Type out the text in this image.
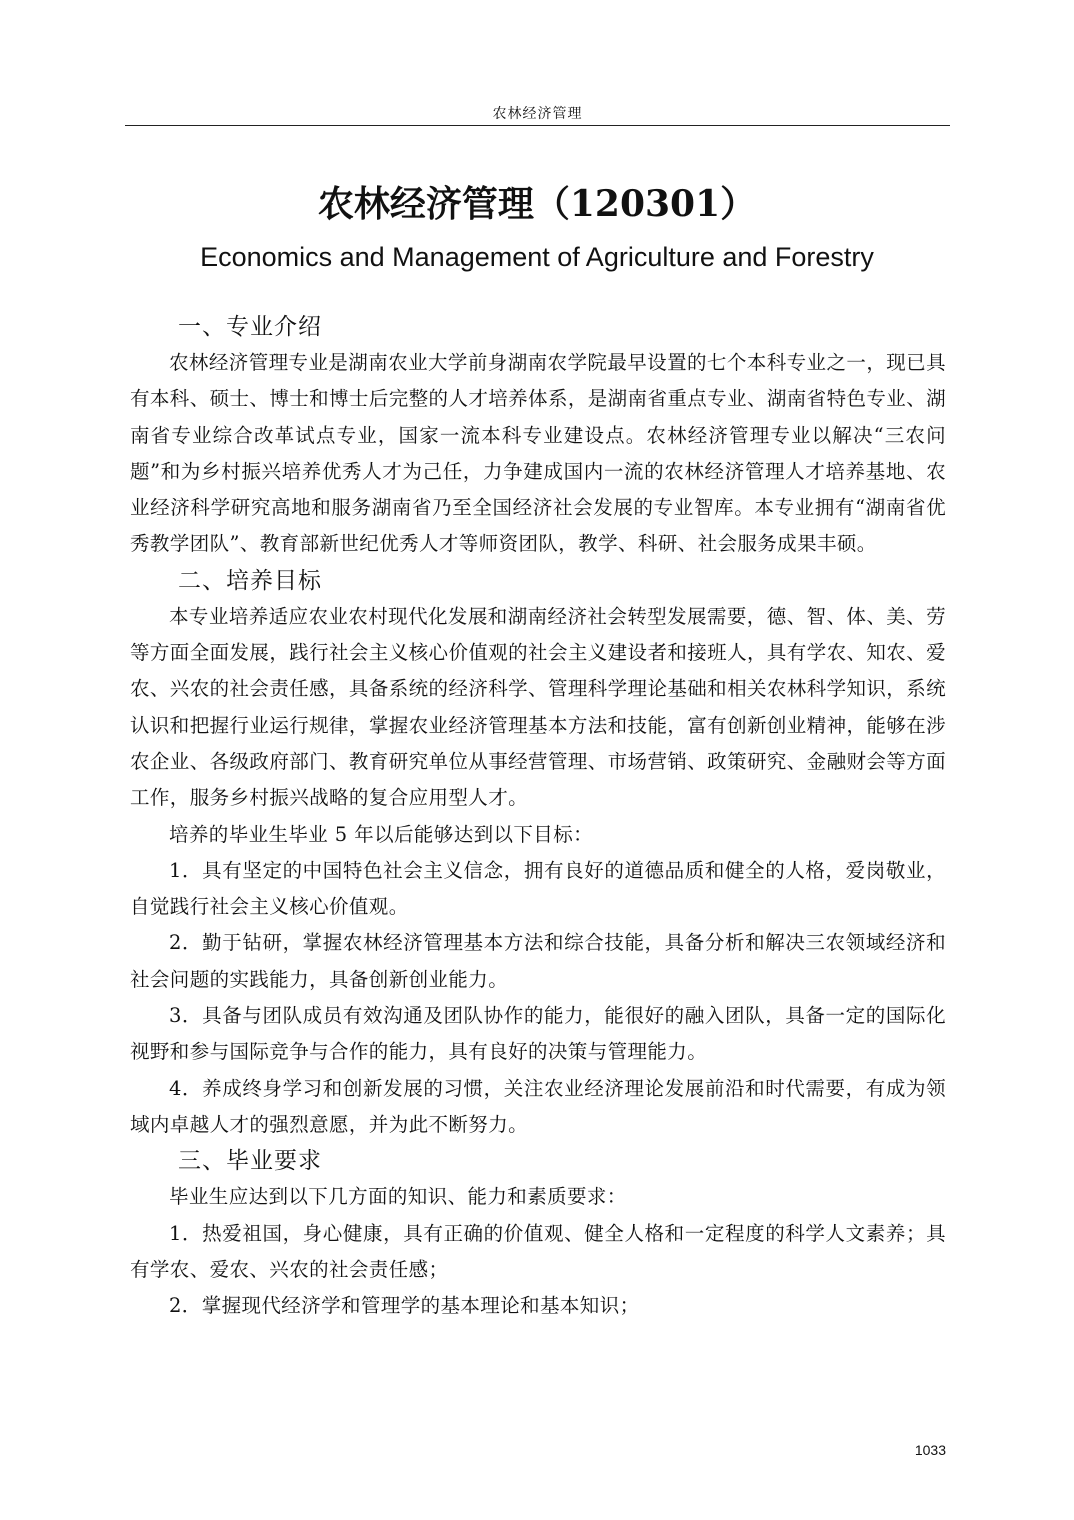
农林经济管理
农林经济管理（120301）
Economics and Management of Agriculture and Forestry
一、专业介绍

农林经济管理专业是湖南农业大学前身湖南农学院最早设置的七个本科专业之一，现已具有本科、硕士、博士和博士后完整的人才培养体系，是湖南省重点专业、湖南省特色专业、湖南省专业综合改革试点专业，国家一流本科专业建设点。农林经济管理专业以解决“三农问题”和为乡村振兴培养优秀人才为己任，力争建成国内一流的农林经济管理人才培养基地、农业经济科学研究高地和服务湖南省乃至全国经济社会发展的专业智库。本专业拥有“湖南省优秀教学团队”、教育部新世纪优秀人才等师资团队，教学、科研、社会服务成果丰硕。

二、培养目标

本专业培养适应农业农村现代化发展和湖南经济社会转型发展需要，德、智、体、美、劳等方面全面发展，践行社会主义核心价值观的社会主义建设者和接班人，具有学农、知农、爱农、兴农的社会责任感，具备系统的经济科学、管理科学理论基础和相关农林科学知识，系统认识和把握行业运行规律，掌握农业经济管理基本方法和技能，富有创新创业精神，能够在涉农企业、各级政府部门、教育研究单位从事经营管理、市场营销、政策研究、金融财会等方面工作，服务乡村振兴战略的复合应用型人才。

培养的毕业生毕业 5 年以后能够达到以下目标：

1．具有坚定的中国特色社会主义信念，拥有良好的道德品质和健全的人格，爱岗敬业，自觉践行社会主义核心价值观。

2．勤于钻研，掌握农林经济管理基本方法和综合技能，具备分析和解决三农领域经济和社会问题的实践能力，具备创新创业能力。

3．具备与团队成员有效沟通及团队协作的能力，能很好的融入团队，具备一定的国际化视野和参与国际竞争与合作的能力，具有良好的决策与管理能力。

4．养成终身学习和创新发展的习惯，关注农业经济理论发展前沿和时代需要，有成为领域内卓越人才的强烈意愿，并为此不断努力。

三、毕业要求

毕业生应达到以下几方面的知识、能力和素质要求：

1．热爱祖国，身心健康，具有正确的价值观、健全人格和一定程度的科学人文素养；具有学农、爱农、兴农的社会责任感；

2．掌握现代经济学和管理学的基本理论和基本知识；

1033
